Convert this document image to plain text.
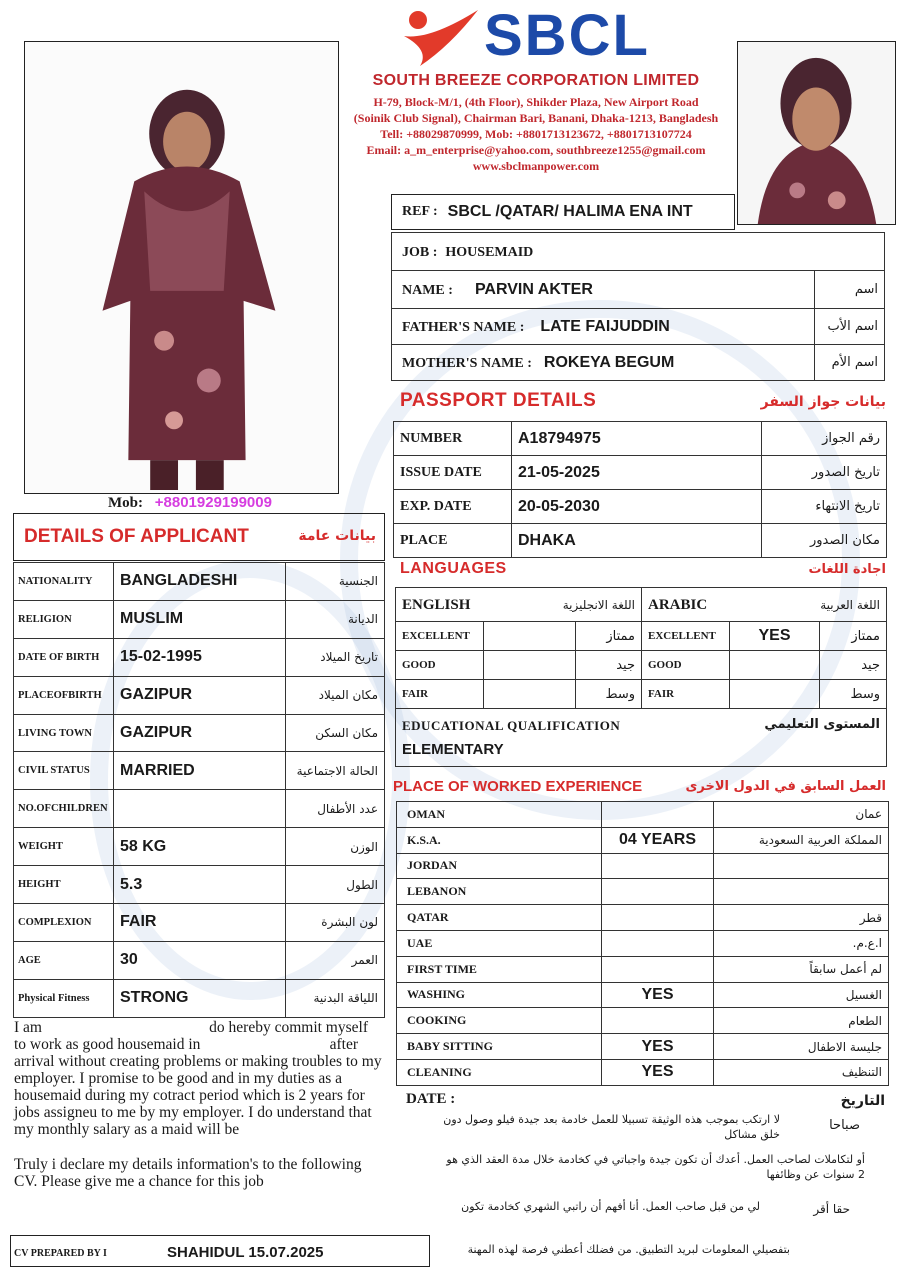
SBCL
SOUTH BREEZE CORPORATION LIMITED
H-79, Block-M/1, (4th Floor), Shikder Plaza, New Airport Road
(Soinik Club Signal), Chairman Bari, Banani, Dhaka-1213, Bangladesh
Tell: +88029870999, Mob: +8801713123672, +8801713107724
Email: a_m_enterprise@yahoo.com, southbreeze1255@gmail.com
www.sbclmanpower.com
Mob: +8801929199009
REF : SBCL /QATAR/ HALIMA ENA INT
JOB : HOUSEMAID	
NAME : PARVIN AKTER	اسم
FATHER'S NAME : LATE FAIJUDDIN	اسم الأب
MOTHER'S NAME : ROKEYA BEGUM	اسم الأم
PASSPORT DETAILS	بيانات جواز السفر
NUMBER	A18794975	رقم الجواز
ISSUE DATE	21-05-2025	تاريخ الصدور
EXP. DATE	20-05-2030	تاريخ الانتهاء
PLACE	DHAKA	مكان الصدور
LANGUAGES	اجادة اللغات
ENGLISH اللغة الانجليزية			ARABIC اللغة العربية		

EXCELLENT		ممتاز	EXCELLENT	YES	ممتاز
GOOD		جيد	GOOD		جيد
FAIR		وسط	FAIR		وسط
EDUCATIONAL QUALIFICATION المستوى التعليمي
ELEMENTARY					
PLACE OF WORKED EXPERIENCE	العمل السابق في الدول الاخرى
OMAN		عمان
K.S.A.	04 YEARS	المملكة العربية السعودية
JORDAN		
LEBANON		
QATAR		قطر
UAE		ا.ع.م.
FIRST TIME		لم أعمل سابقاً
WASHING	YES	الغسيل
COOKING		الطعام
BABY SITTING	YES	جليسة الاطفال
CLEANING	YES	التنظيف
DETAILS OF APPLICANT	بيانات عامة
NATIONALITY	BANGLADESHI	الجنسية
RELIGION	MUSLIM	الديانة
DATE OF BIRTH	15-02-1995	تاريخ الميلاد
PLACEOFBIRTH	GAZIPUR	مكان الميلاد
LIVING TOWN	GAZIPUR	مكان السكن
CIVIL STATUS	MARRIED	الحالة الاجتماعية
NO.OFCHILDREN		عدد الأطفال
WEIGHT	58 KG	الوزن
HEIGHT	5.3	الطول
COMPLEXION	FAIR	لون البشرة
AGE	30	العمر
Physical Fitness	STRONG	اللياقة البدنية
I am	do hereby commit myself
to work as good housemaid in	after
arrival without creating problems or making troubles to my employer. I promise to be good and in my duties as a housemaid during my cotract period which is 2 years for jobs assigneu to me by my employer. I do understand that my monthly salary as a maid will be
Truly i declare my details information's to the following CV. Please give me a chance for this job
CV PREPARED BY I	SHAHIDUL 15.07.2025
DATE :	التاريخ
صباحا
لا ارتكب بموجب هذه الوثيقة تسبيلا للعمل خادمة بعد جيدة فيلو وصول دون خلق مشاكل
أو لتكاملات لصاحب العمل. أعدك أن تكون جيدة واجباتي في كخادمة خلال مدة العقد الذي هو 2 سنوات عن وظائفها
حقا أقر
لي من قبل صاحب العمل. أنا أفهم أن راتبي الشهري كخادمة تكون
بتفصيلي المعلومات لبريد التطبيق. من فضلك أعطني فرصة لهذه المهنة
